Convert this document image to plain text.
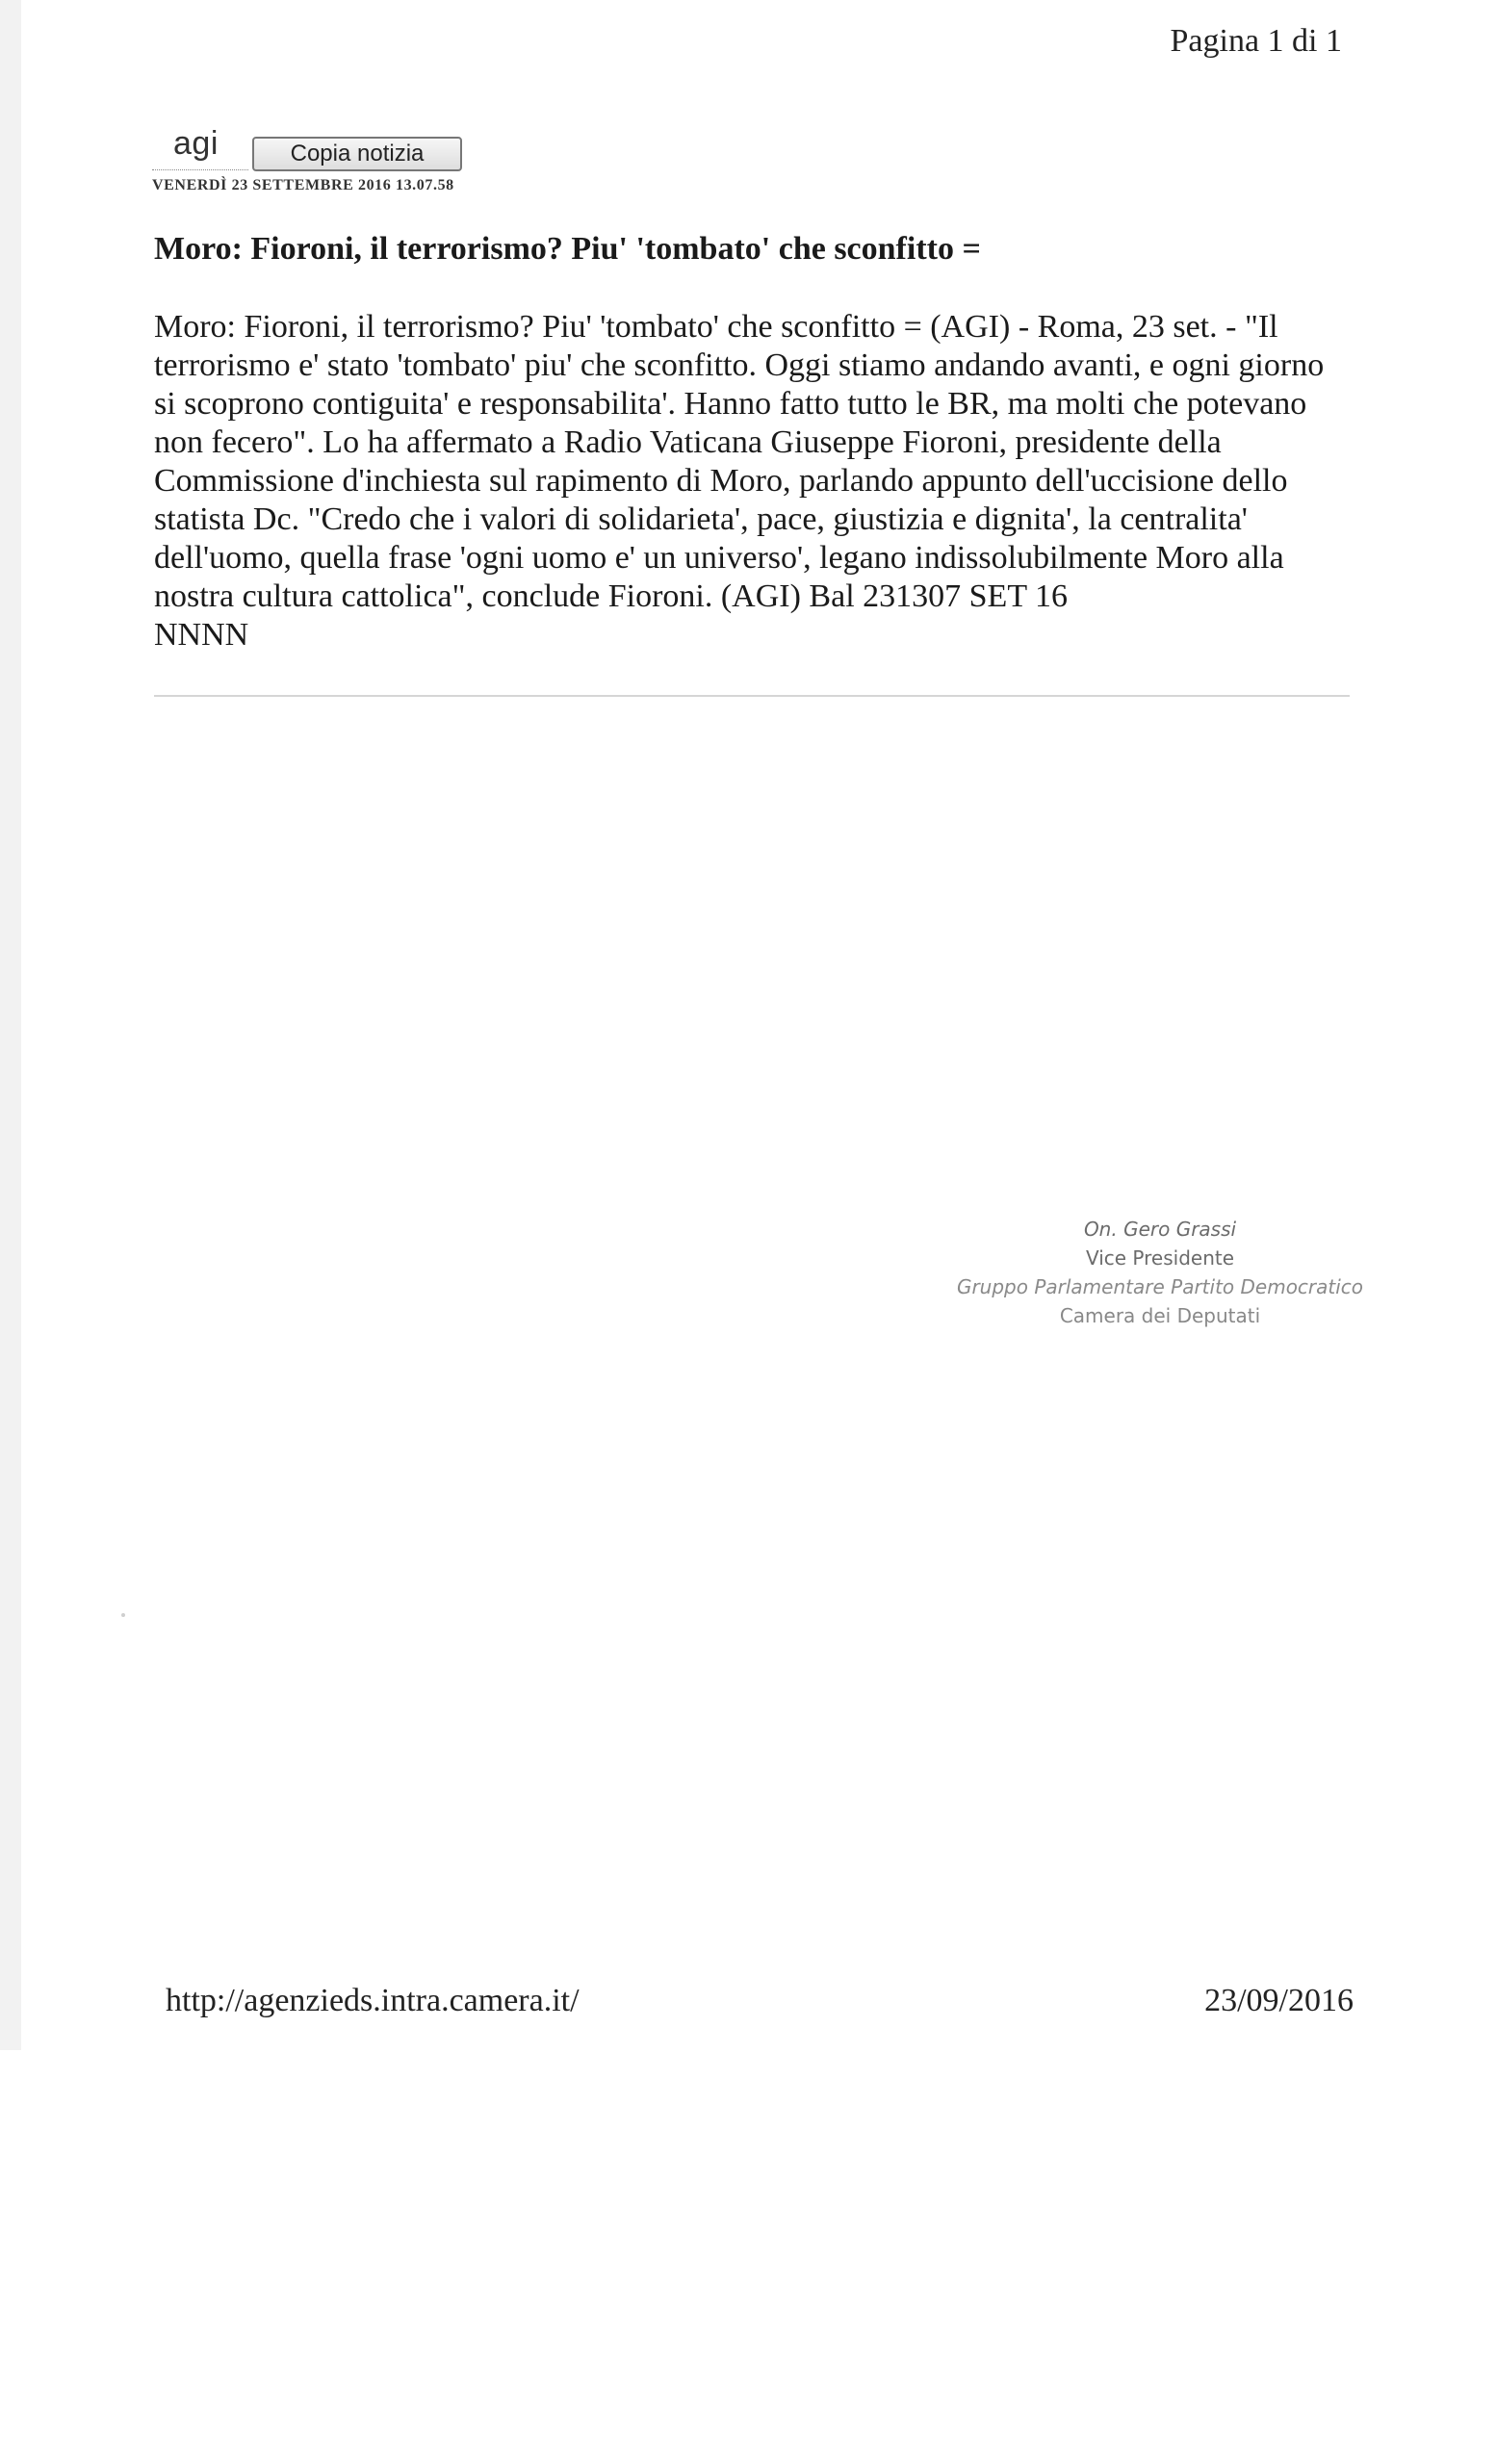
Pagina 1 di 1
agi	Copia notizia
VENERDÌ 23 SETTEMBRE 2016 13.07.58
Moro: Fioroni, il terrorismo? Piu' 'tombato' che sconfitto =

Moro: Fioroni, il terrorismo? Piu' 'tombato' che sconfitto = (AGI) - Roma, 23 set. - "Il terrorismo e' stato 'tombato' piu' che sconfitto. Oggi stiamo andando avanti, e ogni giorno si scoprono contiguita' e responsabilita'. Hanno fatto tutto le BR, ma molti che potevano non fecero". Lo ha affermato a Radio Vaticana Giuseppe Fioroni, presidente della Commissione d'inchiesta sul rapimento di Moro, parlando appunto dell'uccisione dello statista Dc. "Credo che i valori di solidarieta', pace, giustizia e dignita', la centralita' dell'uomo, quella frase 'ogni uomo e' un universo', legano indissolubilmente Moro alla nostra cultura cattolica", conclude Fioroni. (AGI) Bal 231307 SET 16

NNNN

On. Gero Grassi
Vice Presidente
Gruppo Parlamentare Partito Democratico
Camera dei Deputati
http://agenzieds.intra.camera.it/	23/09/2016
